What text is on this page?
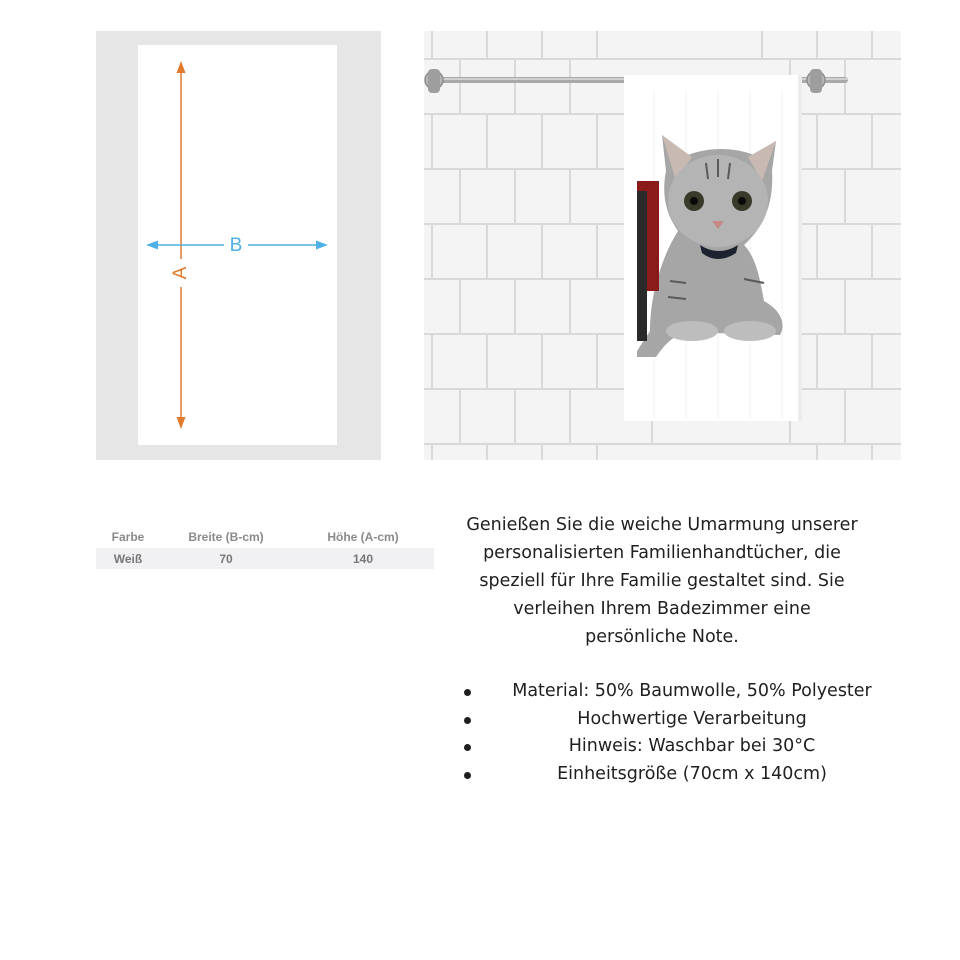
A
B
Farbe	Breite (B-cm)	Höhe (A-cm)
Weiß	70	140
Genießen Sie die weiche Umarmung unserer
personalisierten Familienhandtücher, die
speziell für Ihre Familie gestaltet sind. Sie
verleihen Ihrem Badezimmer eine
persönliche Note.
Material: 50% Baumwolle, 50% Polyester
Hochwertige Verarbeitung
Hinweis: Waschbar bei 30°C
Einheitsgröße (70cm x 140cm)
